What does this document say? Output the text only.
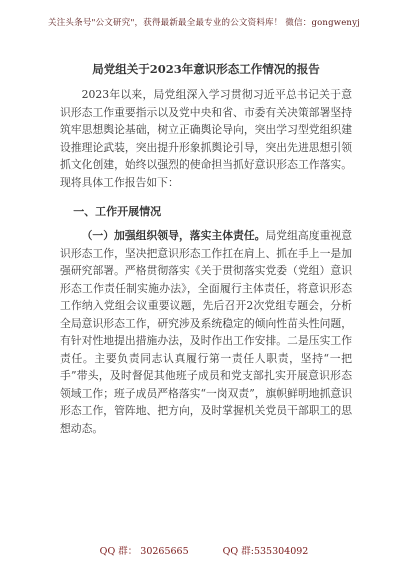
关注头条号"公文研究"，获得最新最全最专业的公文资料库！ 微信：gongwenyj
局党组关于2023年意识形态工作情况的报告

2023年以来，局党组深入学习贯彻习近平总书记关于意识形态工作重要指示以及党中央和省、市委有关决策部署坚持筑牢思想舆论基础，树立正确舆论导向，突出学习型党组织建设推理论武装，突出提升形象抓舆论引导，突出先进思想引领抓文化创建，始终以强烈的使命担当抓好意识形态工作落实。现将具体工作报告如下：

一、工作开展情况

（一）加强组织领导，落实主体责任。局党组高度重视意识形态工作，坚决把意识形态工作扛在肩上、抓在手上一是加强研究部署。严格贯彻落实《关于贯彻落实党委（党组）意识形态工作责任制实施办法》，全面履行主体责任，将意识形态工作纳入党组会议重要议题，先后召开2次党组专题会，分析全局意识形态工作，研究涉及系统稳定的倾向性苗头性问题，有针对性地提出措施办法，及时作出工作安排。二是压实工作责任。主要负责同志认真履行第一责任人职责，坚持“一把手”带头，及时督促其他班子成员和党支部扎实开展意识形态领域工作；班子成员严格落实“一岗双责”，旗帜鲜明地抓意识形态工作，管阵地、把方向，及时掌握机关党员干部职工的思想动态。

QQ 群： 30265665	QQ 群:535304092
